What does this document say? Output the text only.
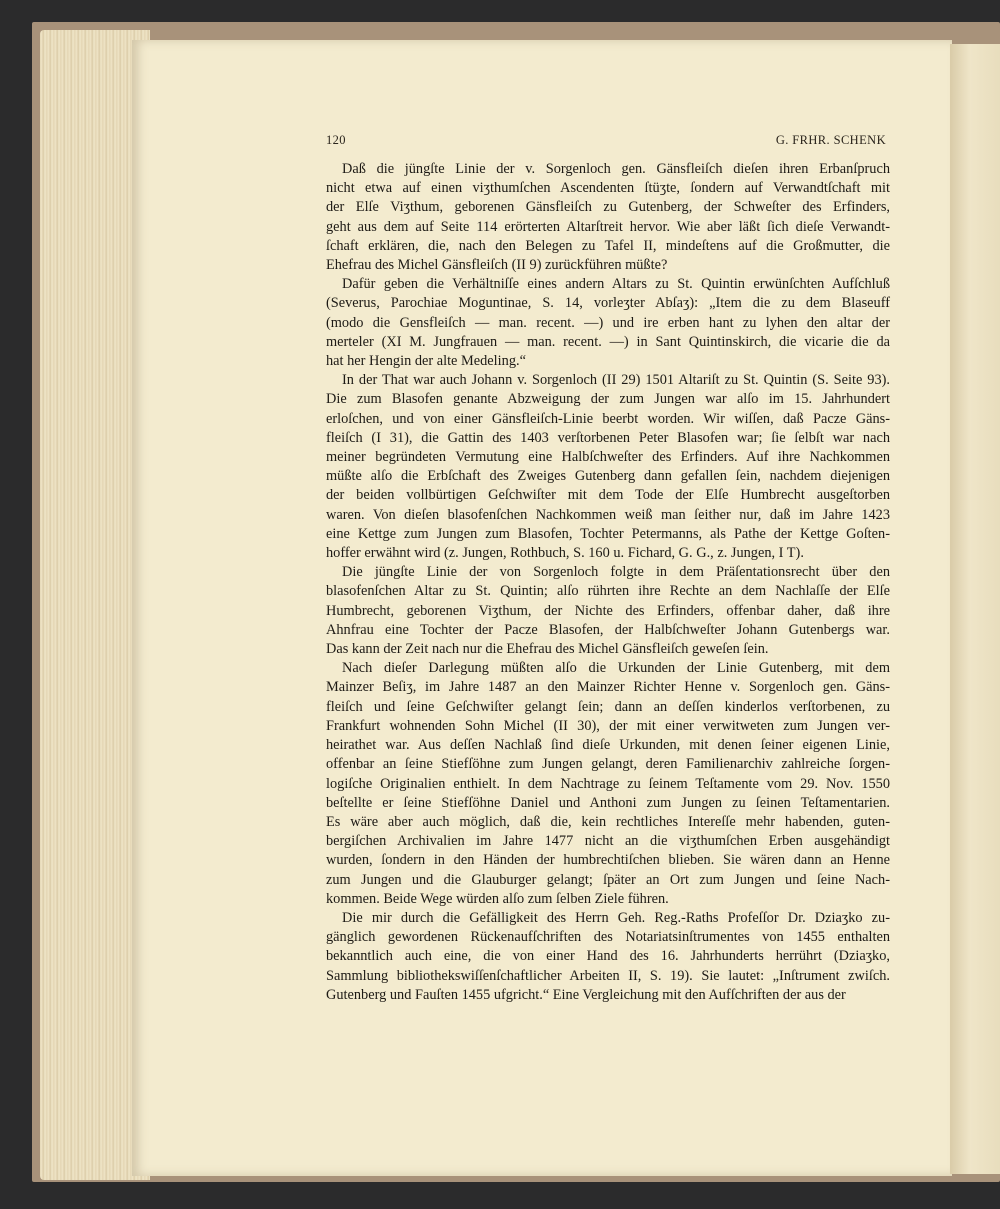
120	G. FRHR. SCHENK
Daß die jüngſte Linie der v. Sorgenloch gen. Gänsfleiſch dieſen ihren Erbanſpruch
nicht etwa auf einen viʒthumſchen Ascendenten ſtüʒte, ſondern auf Verwandtſchaft mit
der Elſe Viʒthum, geborenen Gänsfleiſch zu Gutenberg, der Schweſter des Erfinders,
geht aus dem auf Seite 114 erörterten Altarſtreit hervor. Wie aber läßt ſich dieſe Verwandt-
ſchaft erklären, die, nach den Belegen zu Tafel II, mindeſtens auf die Großmutter, die
Ehefrau des Michel Gänsfleiſch (II 9) zurückführen müßte?
Dafür geben die Verhältniſſe eines andern Altars zu St. Quintin erwünſchten Aufſchluß
(Severus, Parochiae Moguntinae, S. 14, vorleʒter Abſaʒ): „Item die zu dem Blaseuff
(modo die Gensfleiſch — man. recent. —) und ire erben hant zu lyhen den altar der
merteler (XI M. Jungfrauen — man. recent. —) in Sant Quintinskirch, die vicarie die da
hat her Hengin der alte Medeling.“
In der That war auch Johann v. Sorgenloch (II 29) 1501 Altariſt zu St. Quintin (S. Seite 93).
Die zum Blasofen genante Abzweigung der zum Jungen war alſo im 15. Jahrhundert
erloſchen, und von einer Gänsfleiſch-Linie beerbt worden. Wir wiſſen, daß Pacze Gäns-
fleiſch (I 31), die Gattin des 1403 verſtorbenen Peter Blasofen war; ſie ſelbſt war nach
meiner begründeten Vermutung eine Halbſchweſter des Erfinders. Auf ihre Nachkommen
müßte alſo die Erbſchaft des Zweiges Gutenberg dann gefallen ſein, nachdem diejenigen
der beiden vollbürtigen Geſchwiſter mit dem Tode der Elſe Humbrecht ausgeſtorben
waren. Von dieſen blasofenſchen Nachkommen weiß man ſeither nur, daß im Jahre 1423
eine Kettge zum Jungen zum Blasofen, Tochter Petermanns, als Pathe der Kettge Goſten-
hoffer erwähnt wird (z. Jungen, Rothbuch, S. 160 u. Fichard, G. G., z. Jungen, I T).
Die jüngſte Linie der von Sorgenloch folgte in dem Präſentationsrecht über den
blasofenſchen Altar zu St. Quintin; alſo rührten ihre Rechte an dem Nachlaſſe der Elſe
Humbrecht, geborenen Viʒthum, der Nichte des Erfinders, offenbar daher, daß ihre
Ahnfrau eine Tochter der Pacze Blasofen, der Halbſchweſter Johann Gutenbergs war.
Das kann der Zeit nach nur die Ehefrau des Michel Gänsfleiſch geweſen ſein.
Nach dieſer Darlegung müßten alſo die Urkunden der Linie Gutenberg, mit dem
Mainzer Beſiʒ, im Jahre 1487 an den Mainzer Richter Henne v. Sorgenloch gen. Gäns-
fleiſch und ſeine Geſchwiſter gelangt ſein; dann an deſſen kinderlos verſtorbenen, zu
Frankfurt wohnenden Sohn Michel (II 30), der mit einer verwitweten zum Jungen ver-
heirathet war. Aus deſſen Nachlaß ſind dieſe Urkunden, mit denen ſeiner eigenen Linie,
offenbar an ſeine Stiefſöhne zum Jungen gelangt, deren Familienarchiv zahlreiche ſorgen-
logiſche Originalien enthielt. In dem Nachtrage zu ſeinem Teſtamente vom 29. Nov. 1550
beſtellte er ſeine Stiefſöhne Daniel und Anthoni zum Jungen zu ſeinen Teſtamentarien.
Es wäre aber auch möglich, daß die, kein rechtliches Intereſſe mehr habenden, guten-
bergiſchen Archivalien im Jahre 1477 nicht an die viʒthumſchen Erben ausgehändigt
wurden, ſondern in den Händen der humbrechtiſchen blieben. Sie wären dann an Henne
zum Jungen und die Glauburger gelangt; ſpäter an Ort zum Jungen und ſeine Nach-
kommen. Beide Wege würden alſo zum ſelben Ziele führen.
Die mir durch die Gefälligkeit des Herrn Geh. Reg.-Raths Profeſſor Dr. Dziaʒko zu-
gänglich gewordenen Rückenaufſchriften des Notariatsinſtrumentes von 1455 enthalten
bekanntlich auch eine, die von einer Hand des 16. Jahrhunderts herrührt (Dziaʒko,
Sammlung bibliothekswiſſenſchaftlicher Arbeiten II, S. 19). Sie lautet: „Inſtrument zwiſch.
Gutenberg und Fauſten 1455 ufgricht.“ Eine Vergleichung mit den Aufſchriften der aus der
